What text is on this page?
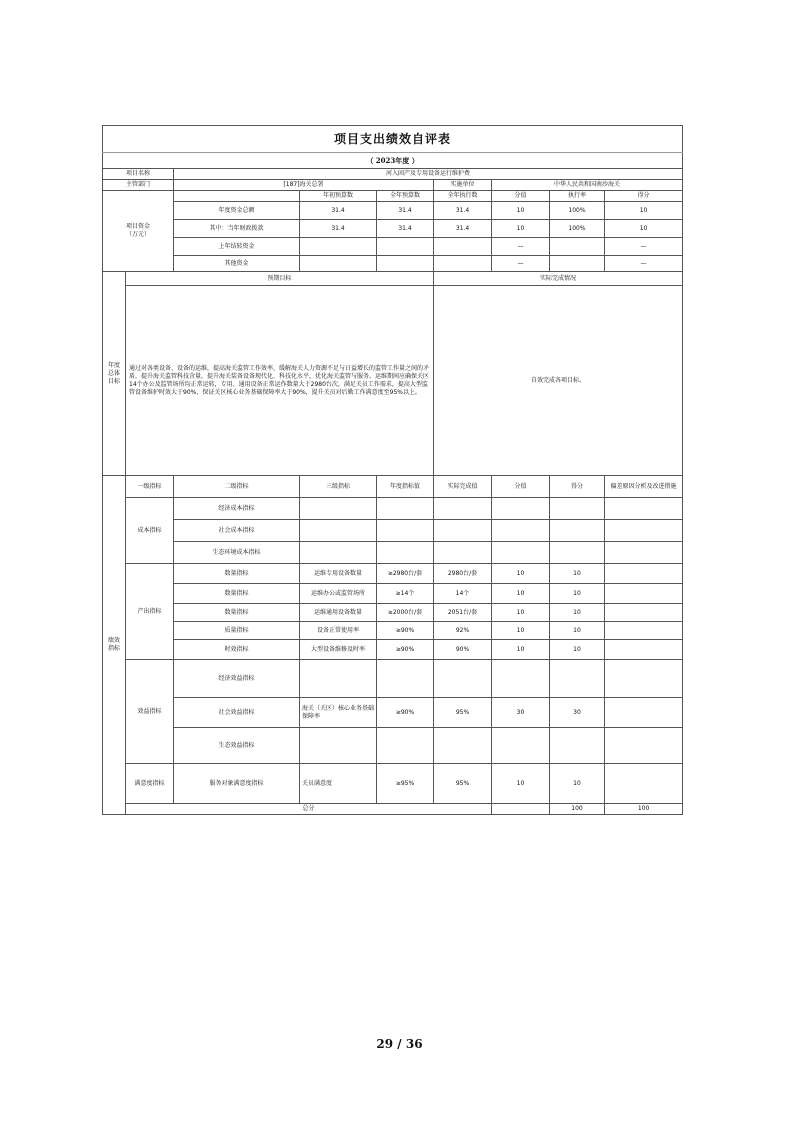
项目支出绩效自评表									
（ 2023年度 ）									
项目名称		河入固产及专用设备运行维护费							
主管部门		[187]海关总署			实施单位	中华人民共和国南沙海关			
项目资金
（万元）			年初预算数	全年预算数	全年执行数	分值	执行率	得分	
		年度资金总额	31.4	31.4	31.4	10	100%	10	
		其中：当年财政拨款	31.4	31.4	31.4	10	100%	10	
		上年结转资金				—		—	
		其他资金				—		—	
年度
总体
目标	预期目标				实际完成情况				
	通过对各类设备、设备的运维，提高海关监管工作效率，缓解海关人力资源不足与日益增长的监管工作量之间的矛盾，提升海关监管科技含量，提升海关装备设备现代化、科技化水平，优化海关监管与服务。运维期间应确保关区14个办公及监管场所均正常运转，专用、通用设备正常运作数量大于2980台次，满足关员工作需求，提高大型监管设备维护时效大于90%，保证关区核心业务基础保障率大于90%，提升关员对后勤工作满意度至95%以上。				自效完成各项目标。				
绩效
指标	一级指标	二级指标	三级指标	年度指标值	实际完成值	分值	得分	偏差原因分析及改进措施	
	成本指标	经济成本指标							
		社会成本指标							
		生态环境成本指标							
	产出指标	数量指标	运维专用设备数量	≥2980台/套	2980台/套	10	10		
		数量指标	运维办公或监管场所	≥14个	14个	10	10		
		数量指标	运维通用设备数量	≥2000台/套	2051台/套	10	10		
		质量指标	设备正常使用率	≥90%	92%	10	10		
		时效指标	大型设备维修及时率	≥90%	90%	10	10		
	效益指标	经济效益指标							
		社会效益指标	海关（关区）核心业务基础保障率	≥90%	95%	30	30		
		生态效益指标							
	满意度指标	服务对象满意度指标	关员满意度	≥95%	95%	10	10		
	总分						100	100	
29 / 36
